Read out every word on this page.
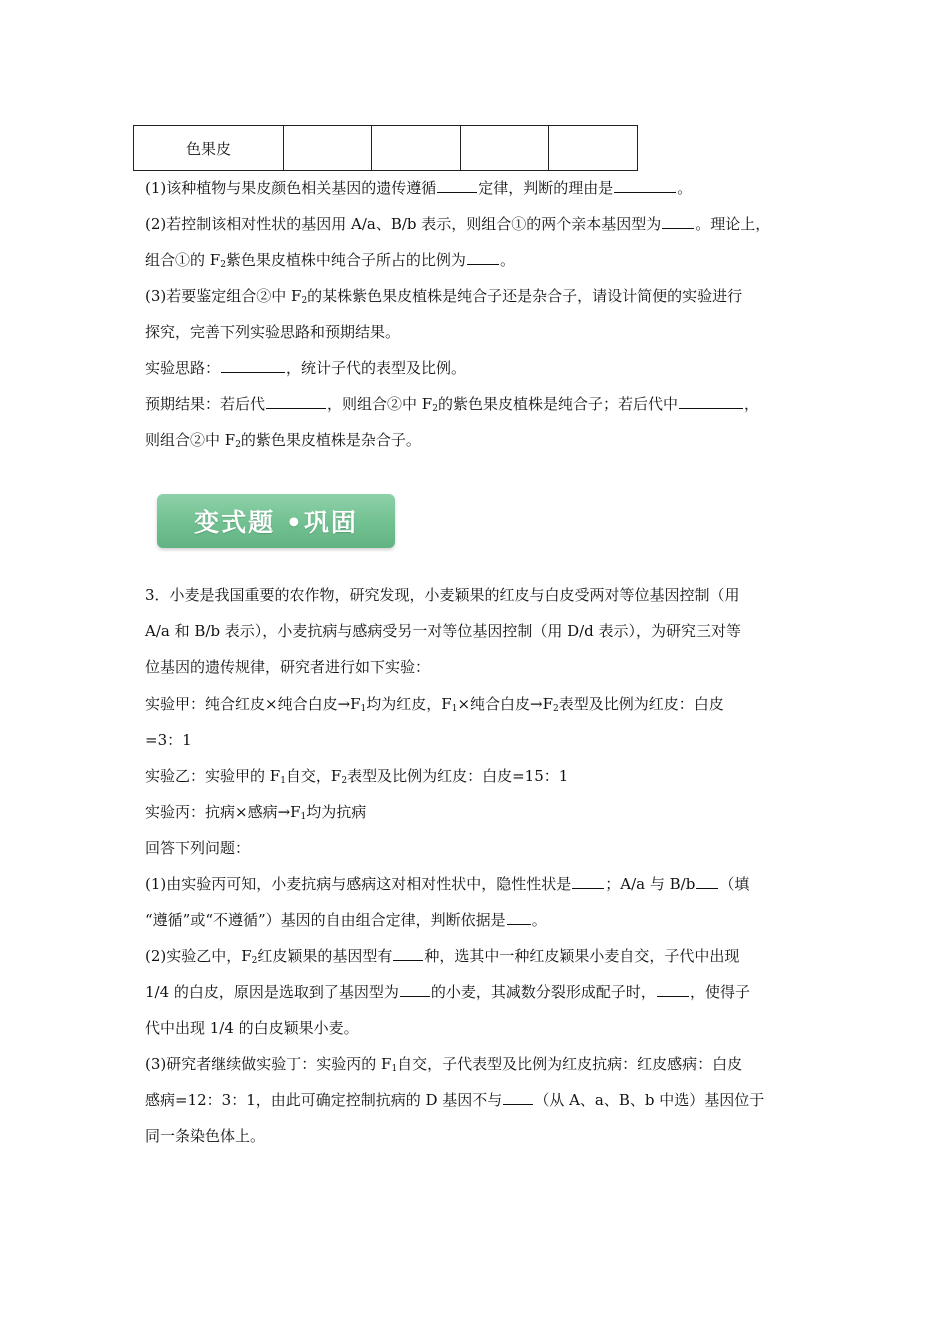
色果皮				
(1)该种植物与果皮颜色相关基因的遗传遵循	定律，判断的理由是	。
(2)若控制该相对性状的基因用 A/a、B/b 表示，则组合①的两个亲本基因型为 。理论上，
组合①的 $F_2$紫色果皮植株中纯合子所占的比例为 。
(3)若要鉴定组合②中 $F_2$的某株紫色果皮植株是纯合子还是杂合子，请设计简便的实验进行
探究，完善下列实验思路和预期结果。
实验思路：	，统计子代的表型及比例。
预期结果：若后代	，则组合②中 $F_2$的紫色果皮植株是纯合子；若后代中	，
则组合②中 $F_2$的紫色果皮植株是杂合子。
变式题 •巩固
3．小麦是我国重要的农作物，研究发现，小麦颖果的红皮与白皮受两对等位基因控制（用
A/a 和 B/b 表示），小麦抗病与感病受另一对等位基因控制（用 D/d 表示），为研究三对等
位基因的遗传规律，研究者进行如下实验：
实验甲：纯合红皮×纯合白皮$\to F_1$均为红皮，$F_1\times$纯合白皮$\to F_2$表型及比例为红皮：白皮
=3：1
实验乙：实验甲的 $F_1$自交，$F_2$表型及比例为红皮：白皮=15：1
实验丙：抗病×感病$\to F_1$均为抗病
回答下列问题：
(1)由实验丙可知，小麦抗病与感病这对相对性状中，隐性性状是 ；A/a 与 B/b （填
“遵循”或“不遵循”）基因的自由组合定律，判断依据是 。
(2)实验乙中，$F_2$红皮颖果的基因型有 种，选其中一种红皮颖果小麦自交，子代中出现
1/4 的白皮，原因是选取到了基因型为 的小麦，其减数分裂形成配子时， ，使得子
代中出现 1/4 的白皮颖果小麦。
(3)研究者继续做实验丁：实验丙的 $F_1$自交，子代表型及比例为红皮抗病：红皮感病：白皮
感病=12：3：1，由此可确定控制抗病的 D 基因不与 （从 A、a、B、b 中选）基因位于
同一条染色体上。
